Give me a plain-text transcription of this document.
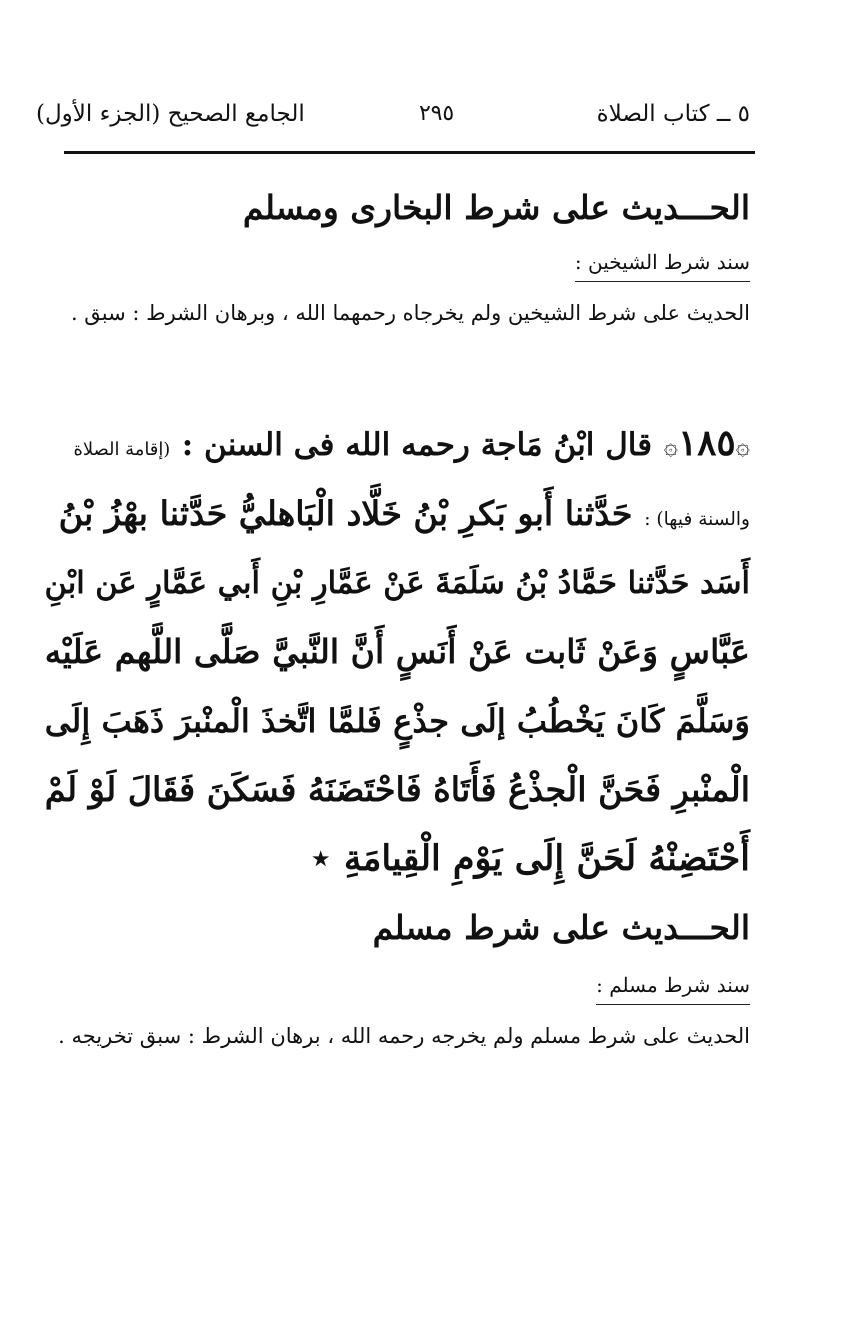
٥ ــ كتاب الصلاة
٢٩٥
الجامع الصحيح (الجزء الأول)
الحـــديث على شرط البخارى ومسلم
سند شرط الشيخين :
الحديث على شرط الشيخين ولم يخرجاه رحمهما الله ، وبرهان الشرط : سبق .
۞١٨٥۞ قال ابْنُ مَاجة رحمه الله فى السنن : (إقامة الصلاة
والسنة فيها) : حَدَّثنا أَبو بَكرِ بْنُ خَلَّاد الْبَاهليُّ حَدَّثنا بهْزُ بْنُ
أَسَد حَدَّثنا حَمَّادُ بْنُ سَلَمَةَ عَنْ عَمَّارِ بْنِ أَبي عَمَّارٍ عَن ابْنِ
عَبَّاسٍ وَعَنْ ثَابت عَنْ أَنَسٍ أَنَّ النَّبيَّ صَلَّى اللَّهم عَلَيْه
وَسَلَّمَ كَانَ يَخْطُبُ إلَى جذْعٍ فَلمَّا اتَّخذَ الْمنْبرَ ذَهَبَ إِلَى
الْمنْبرِ فَحَنَّ الْجذْعُ فَأَتَاهُ فَاحْتَضَنَهُ فَسَكَنَ فَقَالَ لَوْ لَمْ
أَحْتَضِنْهُ لَحَنَّ إِلَى يَوْمِ الْقِيامَةِ ⋆
الحـــديث على شرط مسلم
سند شرط مسلم :
الحديث على شرط مسلم ولم يخرجه رحمه الله ، برهان الشرط : سبق تخريجه .
